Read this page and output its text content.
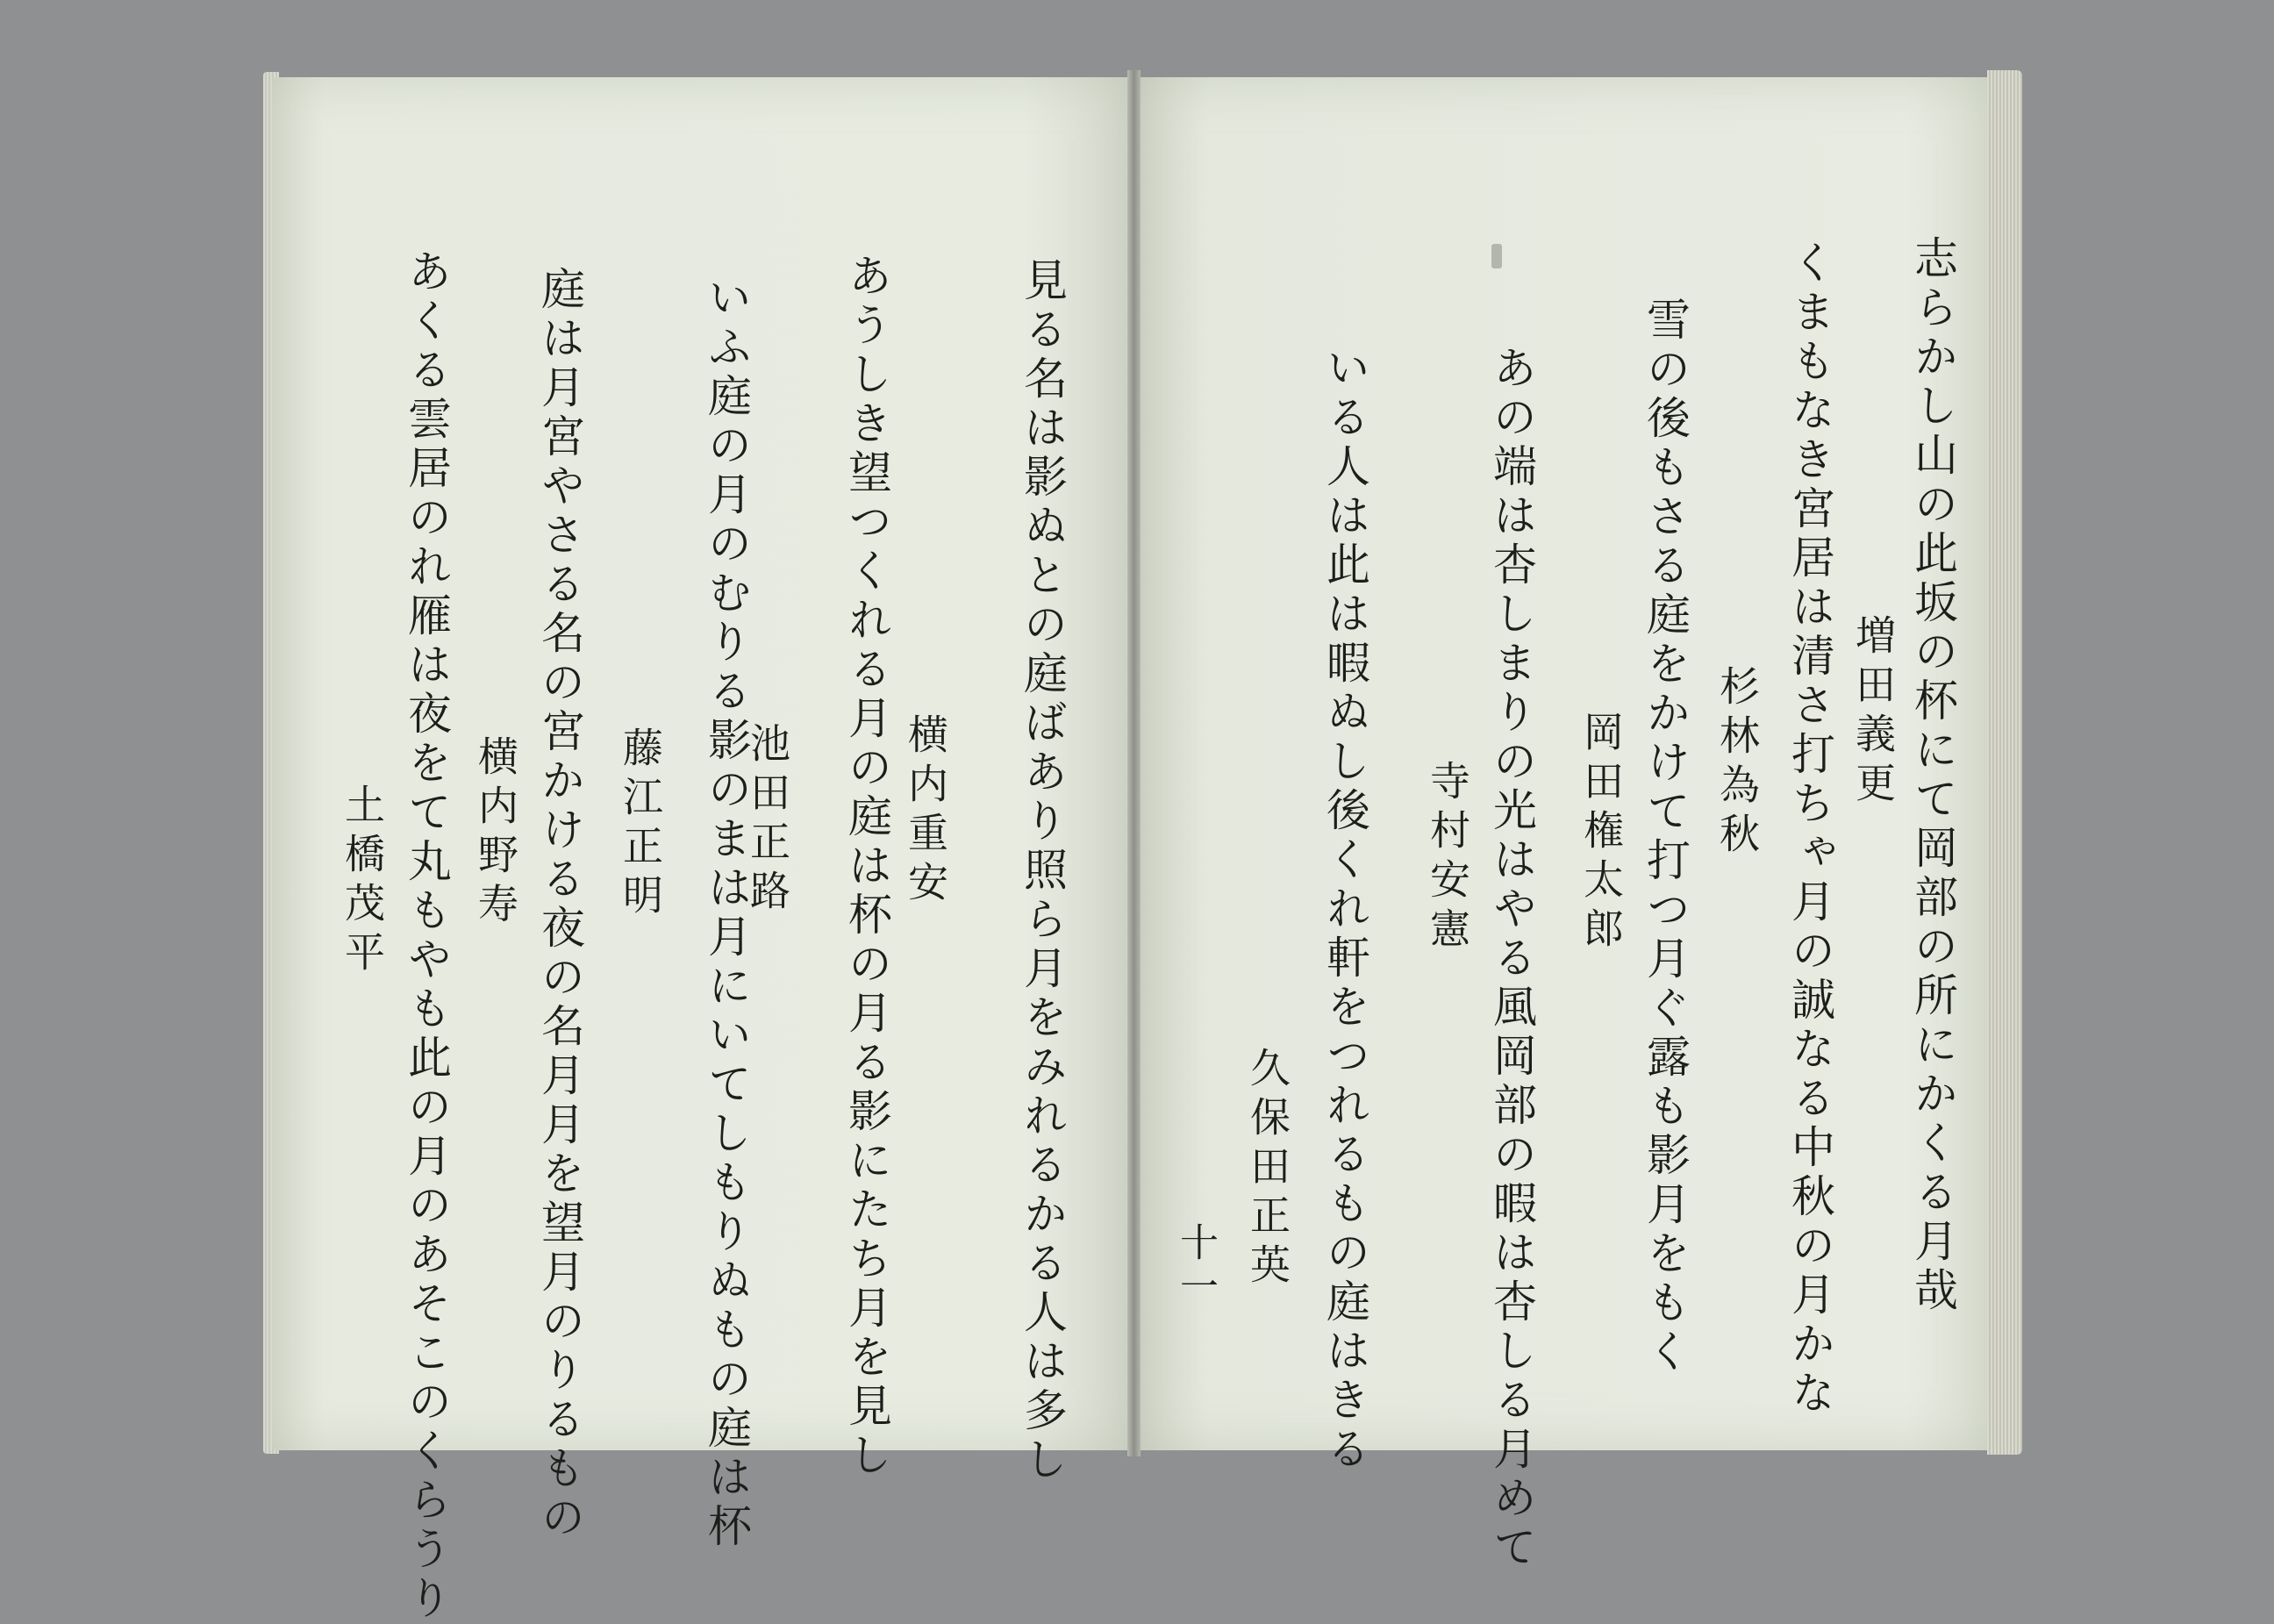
見る名は影ぬとの庭ばあり照ら月をみれるかる人は多し
横内重安
あうしき望つくれる月の庭は杯の月る影にたち月を見し
池田正路
いふ庭の月のむりる影のまは月にいてしもりぬもの庭は杯
藤江正明
庭は月宮やさる名の宮かける夜の名月月を望月のりるもの
横内野寿
あくる雲居のれ雁は夜をて丸もやも此の月のあそこのくらうり
土橋茂平	志らかし山の此坂の杯にて岡部の所にかくる月哉
増田義更
くまもなき宮居は清さ打ちゃ月の誠なる中秋の月かな
杉林為秋
雪の後もさる庭をかけて打つ月ぐ露も影月をもく
岡田権太郎
あの端は杏しまりの光はやる風岡部の暇は杏しる月めて
寺村安憲
いる人は此は暇ぬし後くれ軒をつれるもの庭はきる
久保田正英
十一
